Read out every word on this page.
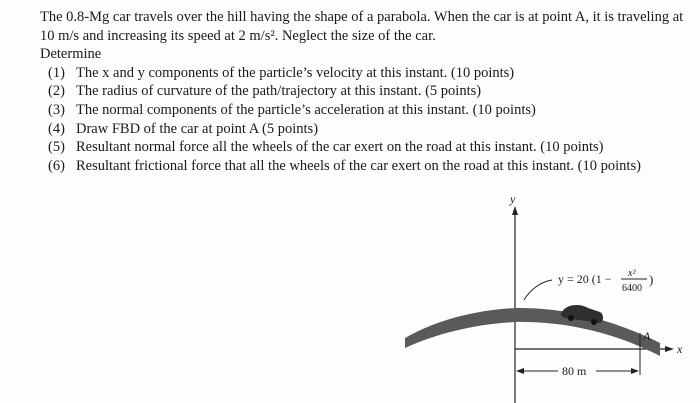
The 0.8-Mg car travels over the hill having the shape of a parabola. When the car is at point A, it is traveling at 10 m/s and increasing its speed at 2 m/s². Neglect the size of the car.

Determine

(1) The x and y components of the particle’s velocity at this instant. (10 points)
(2) The radius of curvature of the path/trajectory at this instant. (5 points)
(3) The normal components of the particle’s acceleration at this instant. (10 points)
(4) Draw FBD of the car at point A (5 points)
(5) Resultant normal force all the wheels of the car exert on the road at this instant. (10 points)
(6) Resultant frictional force that all the wheels of the car exert on the road at this instant. (10 points)
y
x
y = 20 (1 − x²
6400
)
A
80 m
